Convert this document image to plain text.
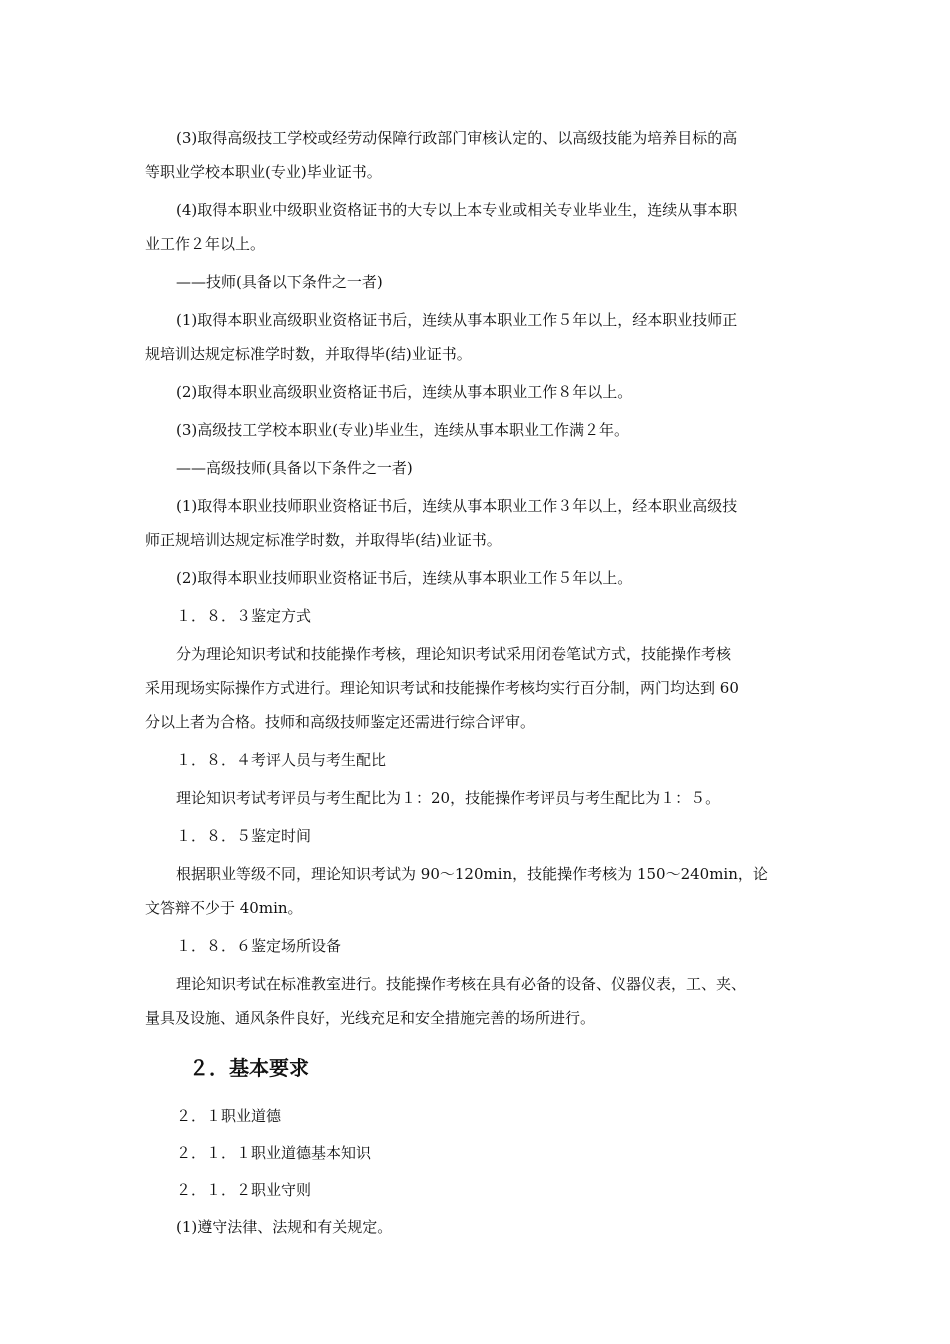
(3)取得高级技工学校或经劳动保障行政部门审核认定的、以高级技能为培养目标的高

等职业学校本职业(专业)毕业证书。

(4)取得本职业中级职业资格证书的大专以上本专业或相关专业毕业生，连续从事本职

业工作２年以上。

——技师(具备以下条件之一者)

(1)取得本职业高级职业资格证书后，连续从事本职业工作５年以上，经本职业技师正

规培训达规定标准学时数，并取得毕(结)业证书。

(2)取得本职业高级职业资格证书后，连续从事本职业工作８年以上。

(3)高级技工学校本职业(专业)毕业生，连续从事本职业工作满２年。

——高级技师(具备以下条件之一者)

(1)取得本职业技师职业资格证书后，连续从事本职业工作３年以上，经本职业高级技

师正规培训达规定标准学时数，并取得毕(结)业证书。

(2)取得本职业技师职业资格证书后，连续从事本职业工作５年以上。

１．８．３鉴定方式

分为理论知识考试和技能操作考核，理论知识考试采用闭卷笔试方式，技能操作考核

采用现场实际操作方式进行。理论知识考试和技能操作考核均实行百分制，两门均达到 60

分以上者为合格。技师和高级技师鉴定还需进行综合评审。

１．８．４考评人员与考生配比

理论知识考试考评员与考生配比为１：20，技能操作考评员与考生配比为１：５。

１．８．５鉴定时间

根据职业等级不同，理论知识考试为 90～120min，技能操作考核为 150～240min，论

文答辩不少于 40min。

１．８．６鉴定场所设备

理论知识考试在标准教室进行。技能操作考核在具有必备的设备、仪器仪表，工、夹、

量具及设施、通风条件良好，光线充足和安全措施完善的场所进行。

２．基本要求

２．１职业道德

２．１．１职业道德基本知识

２．１．２职业守则

(1)遵守法律、法规和有关规定。
